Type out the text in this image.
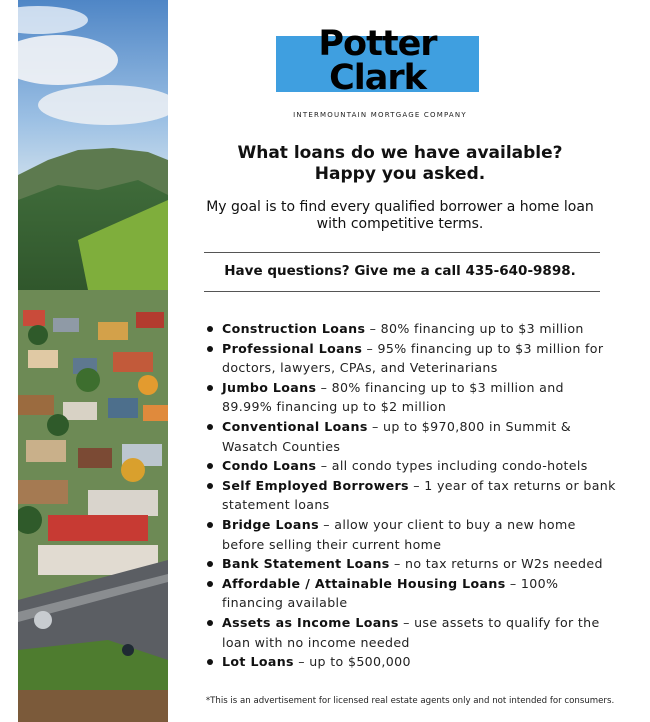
Potter
Clark
INTERMOUNTAIN MORTGAGE COMPANY
What loans do we have available?
Happy you asked.
My goal is to find every qualified borrower a home loan with competitive terms.
Have questions? Give me a call 435-640-9898.
Construction Loans – 80% financing up to $3 million
Professional Loans – 95% financing up to $3 million for doctors, lawyers, CPAs, and Veterinarians
Jumbo Loans – 80% financing up to $3 million and 89.99% financing up to $2 million
Conventional Loans – up to $970,800 in Summit & Wasatch Counties
Condo Loans – all condo types including condo-hotels
Self Employed Borrowers – 1 year of tax returns or bank statement loans
Bridge Loans – allow your client to buy a new home before selling their current home
Bank Statement Loans – no tax returns or W2s needed
Affordable / Attainable Housing Loans – 100% financing available
Assets as Income Loans – use assets to qualify for the loan with no income needed
Lot Loans – up to $500,000
*This is an advertisement for licensed real estate agents only and not intended for consumers.
